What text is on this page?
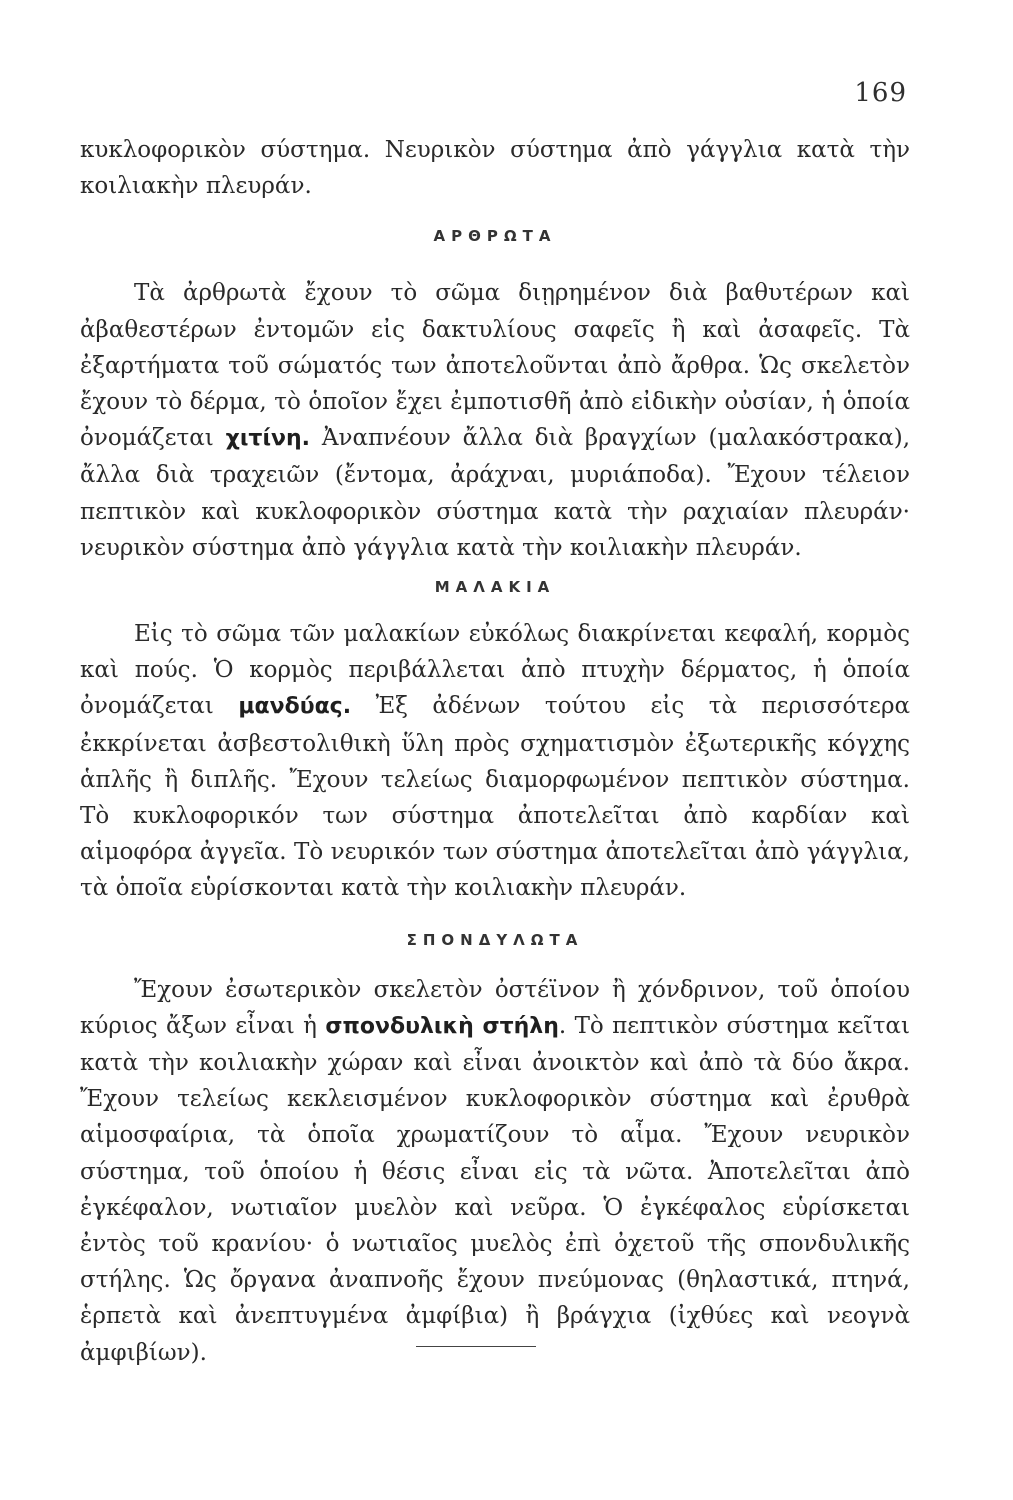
169

κυκλοφορικὸν σύστημα. Νευρικὸν σύστημα ἀπὸ γάγγλια κατὰ τὴν κοιλιακὴν πλευράν.

ΑΡΘΡΩΤΑ

Τὰ ἀρθρωτὰ ἔχουν τὸ σῶμα διῃρημένον διὰ βαθυτέρων καὶ ἀβαθεστέρων ἐντομῶν εἰς δακτυλίους σαφεῖς ἢ καὶ ἀσαφεῖς. Τὰ ἐξαρτήματα τοῦ σώματός των ἀποτελοῦνται ἀπὸ ἄρθρα. Ὡς σκελετὸν ἔχουν τὸ δέρμα, τὸ ὁποῖον ἔχει ἐμποτισθῆ ἀπὸ εἰδικὴν οὐσίαν, ἡ ὁποία ὀνομάζεται χιτίνη. Ἀναπνέουν ἄλλα διὰ βραγχίων (μαλακόστρακα), ἄλλα διὰ τραχειῶν (ἔντομα, ἀράχναι, μυριάποδα). Ἔχουν τέλειον πεπτικὸν καὶ κυκλοφορικὸν σύστημα κατὰ τὴν ραχιαίαν πλευράν· νευρικὸν σύστημα ἀπὸ γάγγλια κατὰ τὴν κοιλιακὴν πλευράν.

ΜΑΛΑΚΙΑ

Εἰς τὸ σῶμα τῶν μαλακίων εὐκόλως διακρίνεται κεφαλή, κορμὸς καὶ πούς. Ὁ κορμὸς περιβάλλεται ἀπὸ πτυχὴν δέρματος, ἡ ὁποία ὀνομάζεται μανδύας. Ἐξ ἀδένων τούτου εἰς τὰ περισσότερα ἐκκρίνεται ἀσβεστολιθικὴ ὕλη πρὸς σχηματισμὸν ἐξωτερικῆς κόγχης ἁπλῆς ἢ διπλῆς. Ἔχουν τελείως διαμορφωμένον πεπτικὸν σύστημα. Τὸ κυκλοφορικόν των σύστημα ἀποτελεῖται ἀπὸ καρδίαν καὶ αἱμοφόρα ἀγγεῖα. Τὸ νευρικόν των σύστημα ἀποτελεῖται ἀπὸ γάγγλια, τὰ ὁποῖα εὑρίσκονται κατὰ τὴν κοιλιακὴν πλευράν.

ΣΠΟΝΔΥΛΩΤΑ

Ἔχουν ἐσωτερικὸν σκελετὸν ὀστέϊνον ἢ χόνδρινον, τοῦ ὁποίου κύριος ἄξων εἶναι ἡ σπονδυλικὴ στήλη. Τὸ πεπτικὸν σύστημα κεῖται κατὰ τὴν κοιλιακὴν χώραν καὶ εἶναι ἀνοικτὸν καὶ ἀπὸ τὰ δύο ἄκρα. Ἔχουν τελείως κεκλεισμένον κυκλοφορικὸν σύστημα καὶ ἐρυθρὰ αἱμοσφαίρια, τὰ ὁποῖα χρωματίζουν τὸ αἷμα. Ἔχουν νευρικὸν σύστημα, τοῦ ὁποίου ἡ θέσις εἶναι εἰς τὰ νῶτα. Ἀποτελεῖται ἀπὸ ἐγκέφαλον, νωτιαῖον μυελὸν καὶ νεῦρα. Ὁ ἐγκέφαλος εὑρίσκεται ἐντὸς τοῦ κρανίου· ὁ νωτιαῖος μυελὸς ἐπὶ ὀχετοῦ τῆς σπονδυλικῆς στήλης. Ὡς ὄργανα ἀναπνοῆς ἔχουν πνεύμονας (θηλαστικά, πτηνά, ἑρπετὰ καὶ ἀνεπτυγμένα ἀμφίβια) ἢ βράγχια (ἰχθύες καὶ νεογνὰ ἀμφιβίων).
